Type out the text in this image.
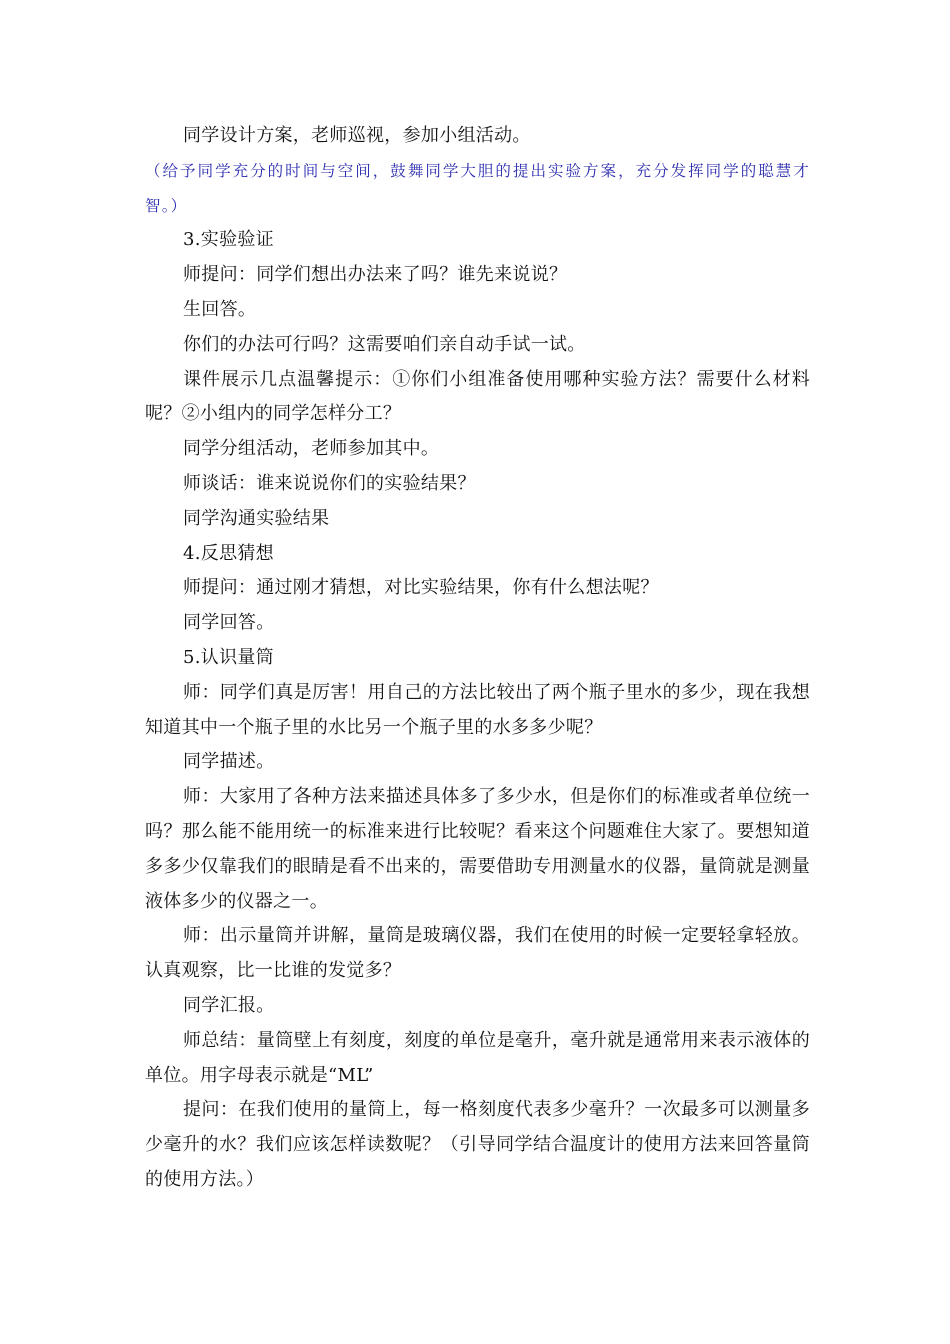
同学设计方案，老师巡视，参加小组活动。

（给予同学充分的时间与空间，鼓舞同学大胆的提出实验方案，充分发挥同学的聪慧才智。）

3.实验验证

师提问：同学们想出办法来了吗？谁先来说说？

生回答。

你们的办法可行吗？这需要咱们亲自动手试一试。

课件展示几点温馨提示：①你们小组准备使用哪种实验方法？需要什么材料呢？②小组内的同学怎样分工？

同学分组活动，老师参加其中。

师谈话：谁来说说你们的实验结果？

同学沟通实验结果

4.反思猜想

师提问：通过刚才猜想，对比实验结果，你有什么想法呢？

同学回答。

5.认识量筒

师：同学们真是厉害！用自己的方法比较出了两个瓶子里水的多少，现在我想知道其中一个瓶子里的水比另一个瓶子里的水多多少呢？

同学描述。

师：大家用了各种方法来描述具体多了多少水，但是你们的标准或者单位统一吗？那么能不能用统一的标准来进行比较呢？看来这个问题难住大家了。要想知道多多少仅靠我们的眼睛是看不出来的，需要借助专用测量水的仪器，量筒就是测量液体多少的仪器之一。

师：出示量筒并讲解，量筒是玻璃仪器，我们在使用的时候一定要轻拿轻放。认真观察，比一比谁的发觉多？

同学汇报。

师总结：量筒壁上有刻度，刻度的单位是毫升，毫升就是通常用来表示液体的单位。用字母表示就是“ML”

提问：在我们使用的量筒上，每一格刻度代表多少毫升？一次最多可以测量多少毫升的水？我们应该怎样读数呢？（引导同学结合温度计的使用方法来回答量筒的使用方法。）
